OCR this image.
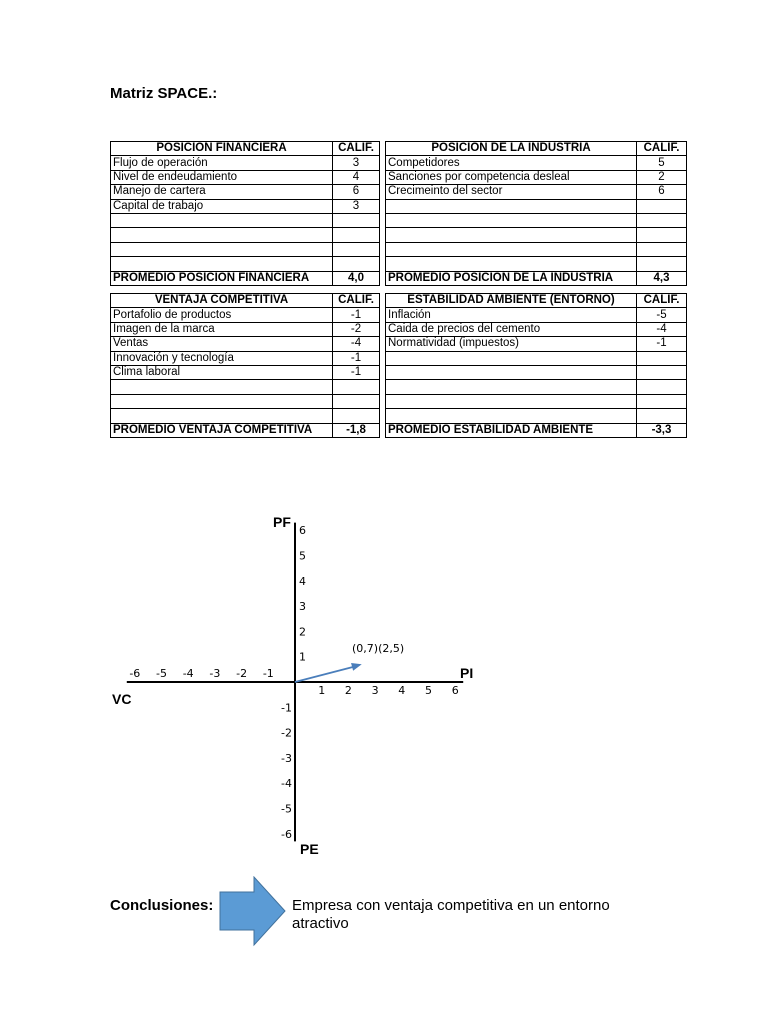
Matriz SPACE.:
POSICION FINANCIERA	CALIF.
Flujo de operación	3
Nivel de endeudamiento	4
Manejo de cartera	6
Capital de trabajo	3

PROMEDIO POSICIÓN FINANCIERA	4,0
POSICION DE LA INDUSTRIA	CALIF.
Competidores	5
Sanciones por competencia desleal	2
Crecimeinto del sector	6

PROMEDIO POSICIÓN DE LA INDUSTRIA	4,3
VENTAJA COMPETITIVA	CALIF.
Portafolio de productos	-1
Imagen de la marca	-2
Ventas	-4
Innovación y tecnología	-1
Clima laboral	-1

PROMEDIO VENTAJA COMPETITIVA	-1,8
ESTABILIDAD AMBIENTE (ENTORNO)	CALIF.
Inflación	-5
Caida de precios del cemento	-4
Normatividad (impuestos)	-1

PROMEDIO ESTABILIDAD AMBIENTE	-3,3
-6 -5 -4 -3 -2 -1
1 2 3 4 5 6
6
5
4
3
2
1
-1
-2
-3
-4
-5
-6
PF
PI
VC
PE
(0,7)(2,5)
Conclusiones:	Empresa con ventaja competitiva en un entorno atractivo
